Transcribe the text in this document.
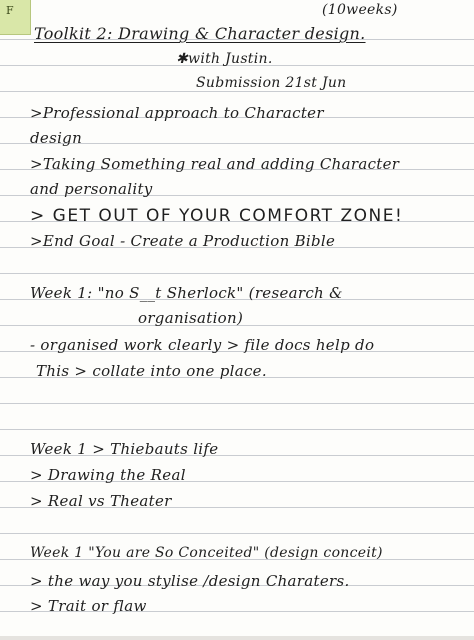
F	(10weeks)
Toolkit 2: Drawing & Character design.
✱with Justin.
Submission 21st Jun
>Professional approach to Character
design
>Taking Something real and adding Character
and personality
> GET OUT OF YOUR COMFORT ZONE!
>End Goal - Create a Production Bible
Week 1: "no S__t Sherlock" (research &
organisation)
- organised work clearly > file docs help do
This > collate into one place.
Week 1 > Thiebauts life
> Drawing the Real
> Real vs Theater
Week 1 "You are So Conceited" (design conceit)
> the way you stylise /design Charaters.
> Trait or flaw
